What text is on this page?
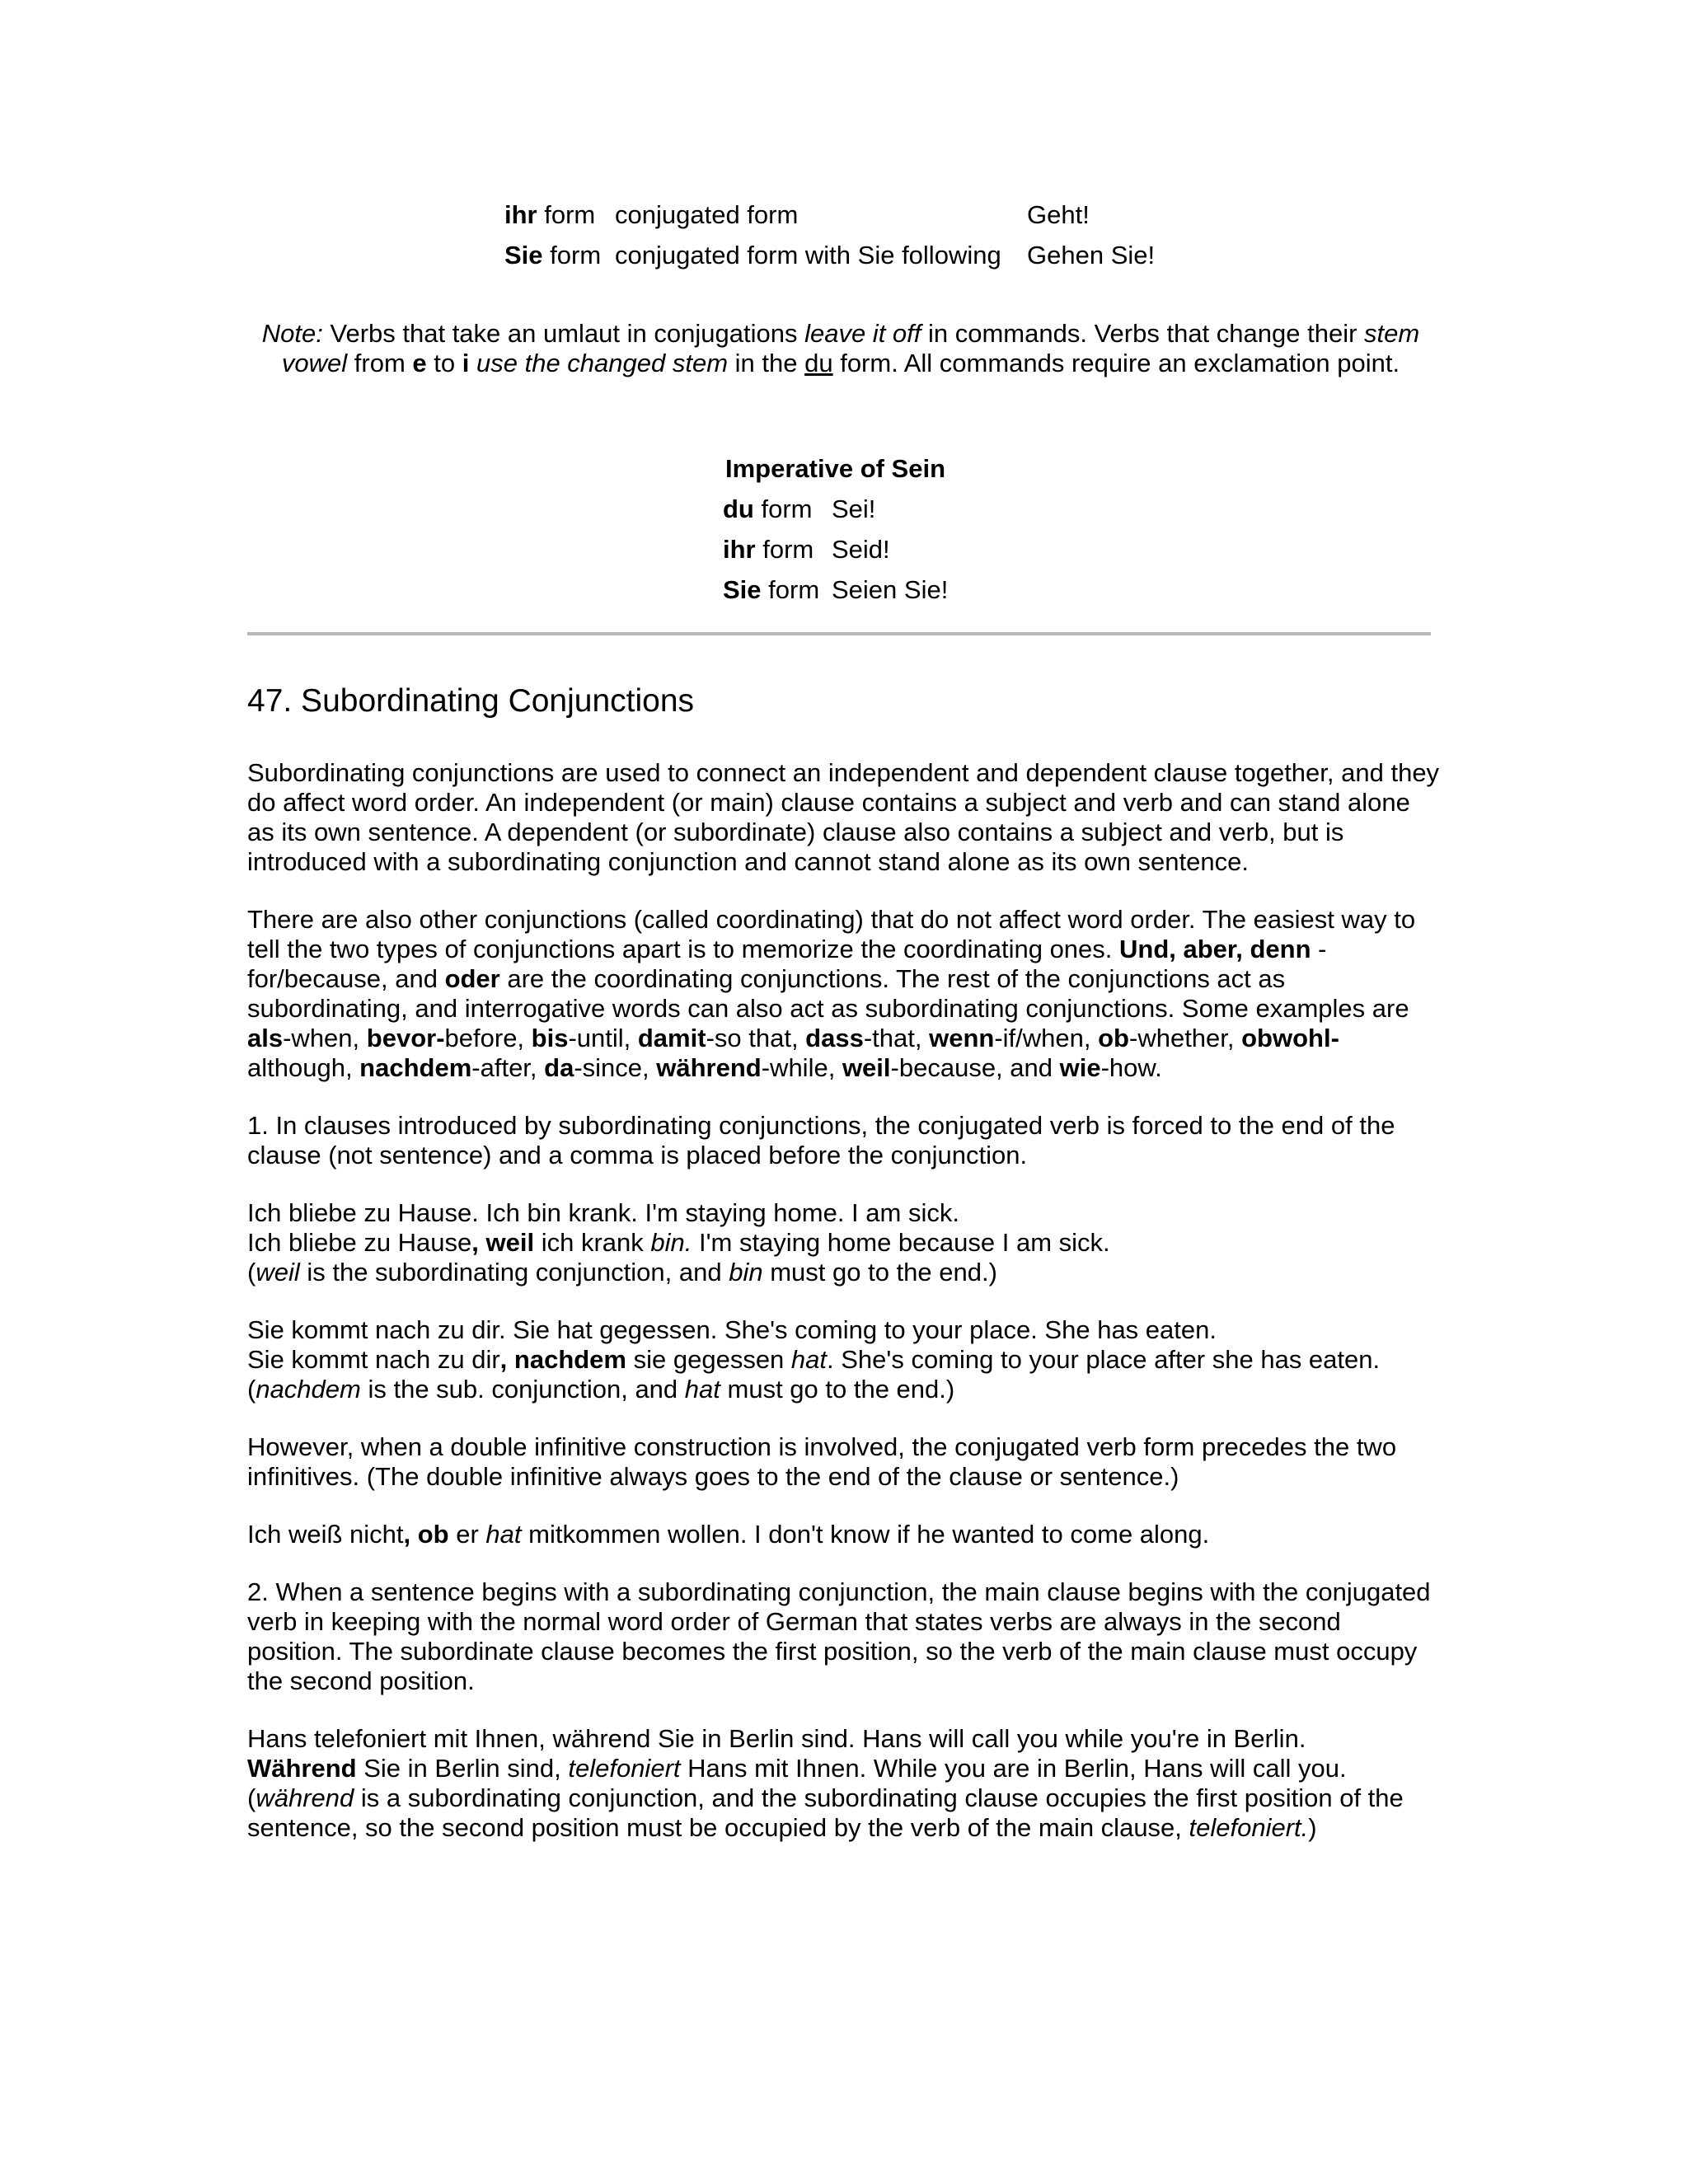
ihr form	conjugated form	Geht!
Sie form	conjugated form with Sie following	Gehen Sie!
Note: Verbs that take an umlaut in conjugations leave it off in commands. Verbs that change their stem vowel from e to i use the changed stem in the du form. All commands require an exclamation point.
Imperative of Sein
du form	Sei!
ihr form	Seid!
Sie form	Seien Sie!
47. Subordinating Conjunctions

Subordinating conjunctions are used to connect an independent and dependent clause together, and they do affect word order. An independent (or main) clause contains a subject and verb and can stand alone as its own sentence. A dependent (or subordinate) clause also contains a subject and verb, but is introduced with a subordinating conjunction and cannot stand alone as its own sentence.

There are also other conjunctions (called coordinating) that do not affect word order. The easiest way to tell the two types of conjunctions apart is to memorize the coordinating ones. Und, aber, denn - for/because, and oder are the coordinating conjunctions. The rest of the conjunctions act as subordinating, and interrogative words can also act as subordinating conjunctions. Some examples are als-when, bevor-before, bis-until, damit-so that, dass-that, wenn-if/when, ob-whether, obwohl-although, nachdem-after, da-since, während-while, weil-because, and wie-how.

1. In clauses introduced by subordinating conjunctions, the conjugated verb is forced to the end of the clause (not sentence) and a comma is placed before the conjunction.

Ich bliebe zu Hause. Ich bin krank. I'm staying home. I am sick.
Ich bliebe zu Hause, weil ich krank bin. I'm staying home because I am sick.
(weil is the subordinating conjunction, and bin must go to the end.)

Sie kommt nach zu dir. Sie hat gegessen. She's coming to your place. She has eaten.
Sie kommt nach zu dir, nachdem sie gegessen hat. She's coming to your place after she has eaten.
(nachdem is the sub. conjunction, and hat must go to the end.)

However, when a double infinitive construction is involved, the conjugated verb form precedes the two infinitives. (The double infinitive always goes to the end of the clause or sentence.)

Ich weiß nicht, ob er hat mitkommen wollen. I don't know if he wanted to come along.

2. When a sentence begins with a subordinating conjunction, the main clause begins with the conjugated verb in keeping with the normal word order of German that states verbs are always in the second position. The subordinate clause becomes the first position, so the verb of the main clause must occupy the second position.

Hans telefoniert mit Ihnen, während Sie in Berlin sind. Hans will call you while you're in Berlin.
Während Sie in Berlin sind, telefoniert Hans mit Ihnen. While you are in Berlin, Hans will call you.
(während is a subordinating conjunction, and the subordinating clause occupies the first position of the sentence, so the second position must be occupied by the verb of the main clause, telefoniert.)
